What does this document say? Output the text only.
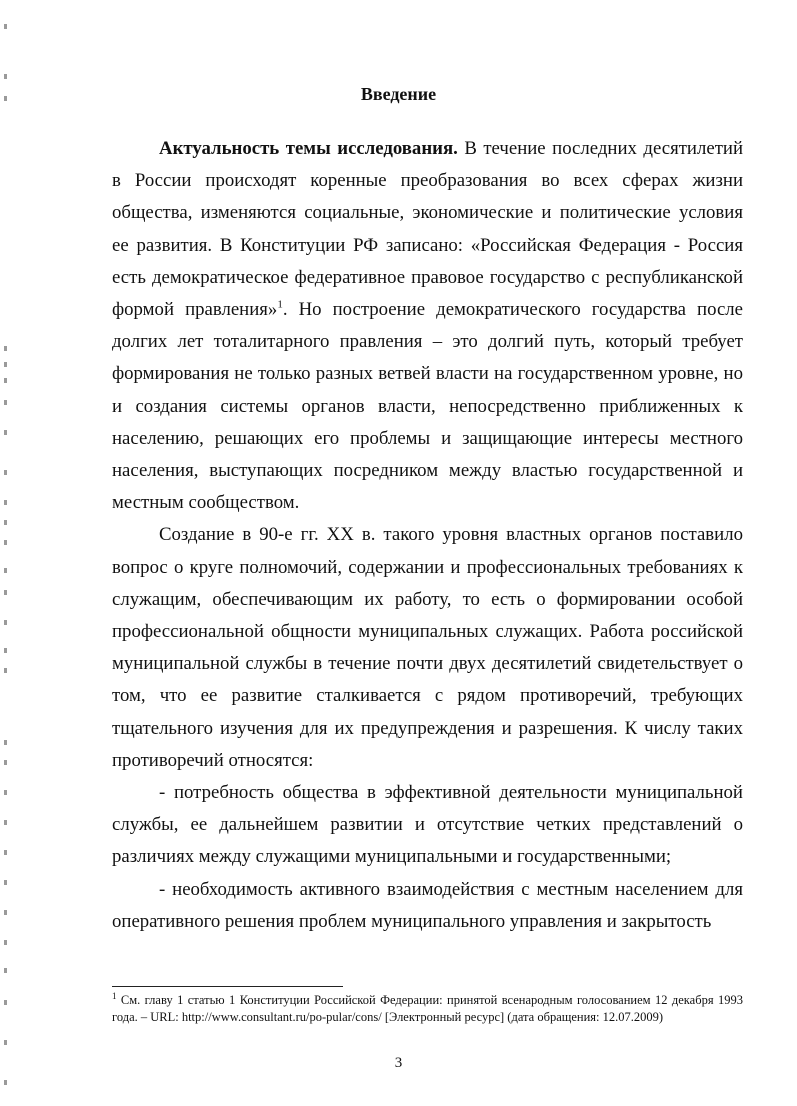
Введение

Актуальность темы исследования. В течение последних десятилетий в России происходят коренные преобразования во всех сферах жизни общества, изменяются социальные, экономические и политические условия ее развития. В Конституции РФ записано: «Российская Федерация - Россия есть демократическое федеративное правовое государство с республиканской формой правления»$^1$. Но построение демократического государства после долгих лет тоталитарного правления – это долгий путь, который требует формирования не только разных ветвей власти на государственном уровне, но и создания системы органов власти, непосредственно приближенных к населению, решающих его проблемы и защищающие интересы местного населения, выступающих посредником между властью государственной и местным сообществом.

Создание в 90-е гг. XX в. такого уровня властных органов поставило вопрос о круге полномочий, содержании и профессиональных требованиях к служащим, обеспечивающим их работу, то есть о формировании особой профессиональной общности муниципальных служащих. Работа российской муниципальной службы в течение почти двух десятилетий свидетельствует о том, что ее развитие сталкивается с рядом противоречий, требующих тщательного изучения для их предупреждения и разрешения. К числу таких противоречий относятся:

- потребность общества в эффективной деятельности муниципальной службы, ее дальнейшем развитии и отсутствие четких представлений о различиях между служащими муниципальными и государственными;

- необходимость активного взаимодействия с местным населением для оперативного решения проблем муниципального управления и закрытость

$^1$ См. главу 1 статью 1 Конституции Российской Федерации: принятой всенародным голосованием 12 декабря 1993 года. – URL: http://www.consultant.ru/po-pular/cons/ [Электронный ресурс] (дата обращения: 12.07.2009)
3
